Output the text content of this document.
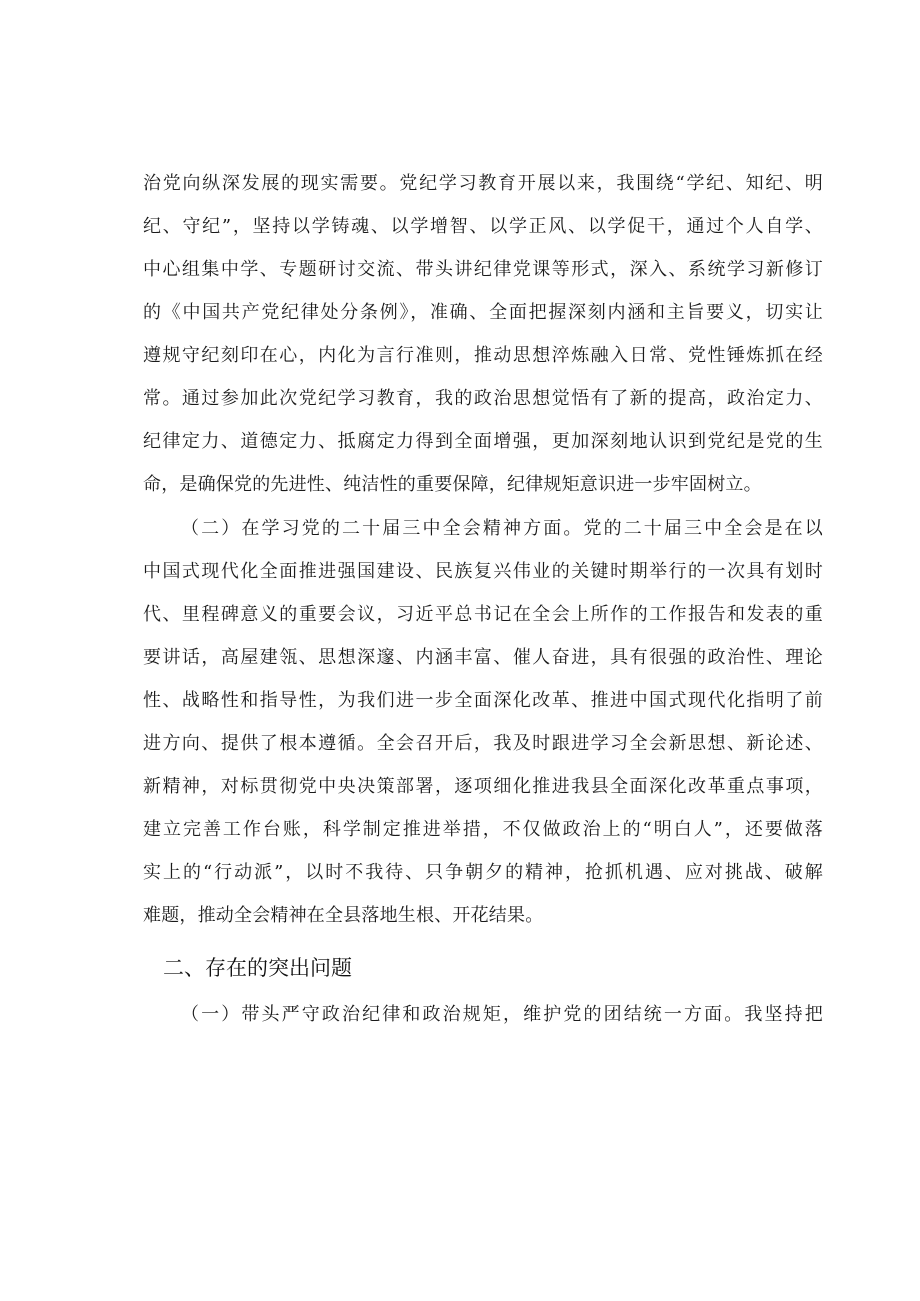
治党向纵深发展的现实需要。党纪学习教育开展以来，我围绕“学纪、知纪、明
纪、守纪”，坚持以学铸魂、以学增智、以学正风、以学促干，通过个人自学、
中心组集中学、专题研讨交流、带头讲纪律党课等形式，深入、系统学习新修订
的《中国共产党纪律处分条例》，准确、全面把握深刻内涵和主旨要义，切实让
遵规守纪刻印在心，内化为言行准则，推动思想淬炼融入日常、党性锤炼抓在经
常。通过参加此次党纪学习教育，我的政治思想觉悟有了新的提高，政治定力、
纪律定力、道德定力、抵腐定力得到全面增强，更加深刻地认识到党纪是党的生
命，是确保党的先进性、纯洁性的重要保障，纪律规矩意识进一步牢固树立。
（二）在学习党的二十届三中全会精神方面。党的二十届三中全会是在以
中国式现代化全面推进强国建设、民族复兴伟业的关键时期举行的一次具有划时
代、里程碑意义的重要会议，习近平总书记在全会上所作的工作报告和发表的重
要讲话，高屋建瓴、思想深邃、内涵丰富、催人奋进，具有很强的政治性、理论
性、战略性和指导性，为我们进一步全面深化改革、推进中国式现代化指明了前
进方向、提供了根本遵循。全会召开后，我及时跟进学习全会新思想、新论述、
新精神，对标贯彻党中央决策部署，逐项细化推进我县全面深化改革重点事项，
建立完善工作台账，科学制定推进举措，不仅做政治上的“明白人”，还要做落
实上的“行动派”，以时不我待、只争朝夕的精神，抢抓机遇、应对挑战、破解
难题，推动全会精神在全县落地生根、开花结果。
二、存在的突出问题
（一）带头严守政治纪律和政治规矩，维护党的团结统一方面。我坚持把
